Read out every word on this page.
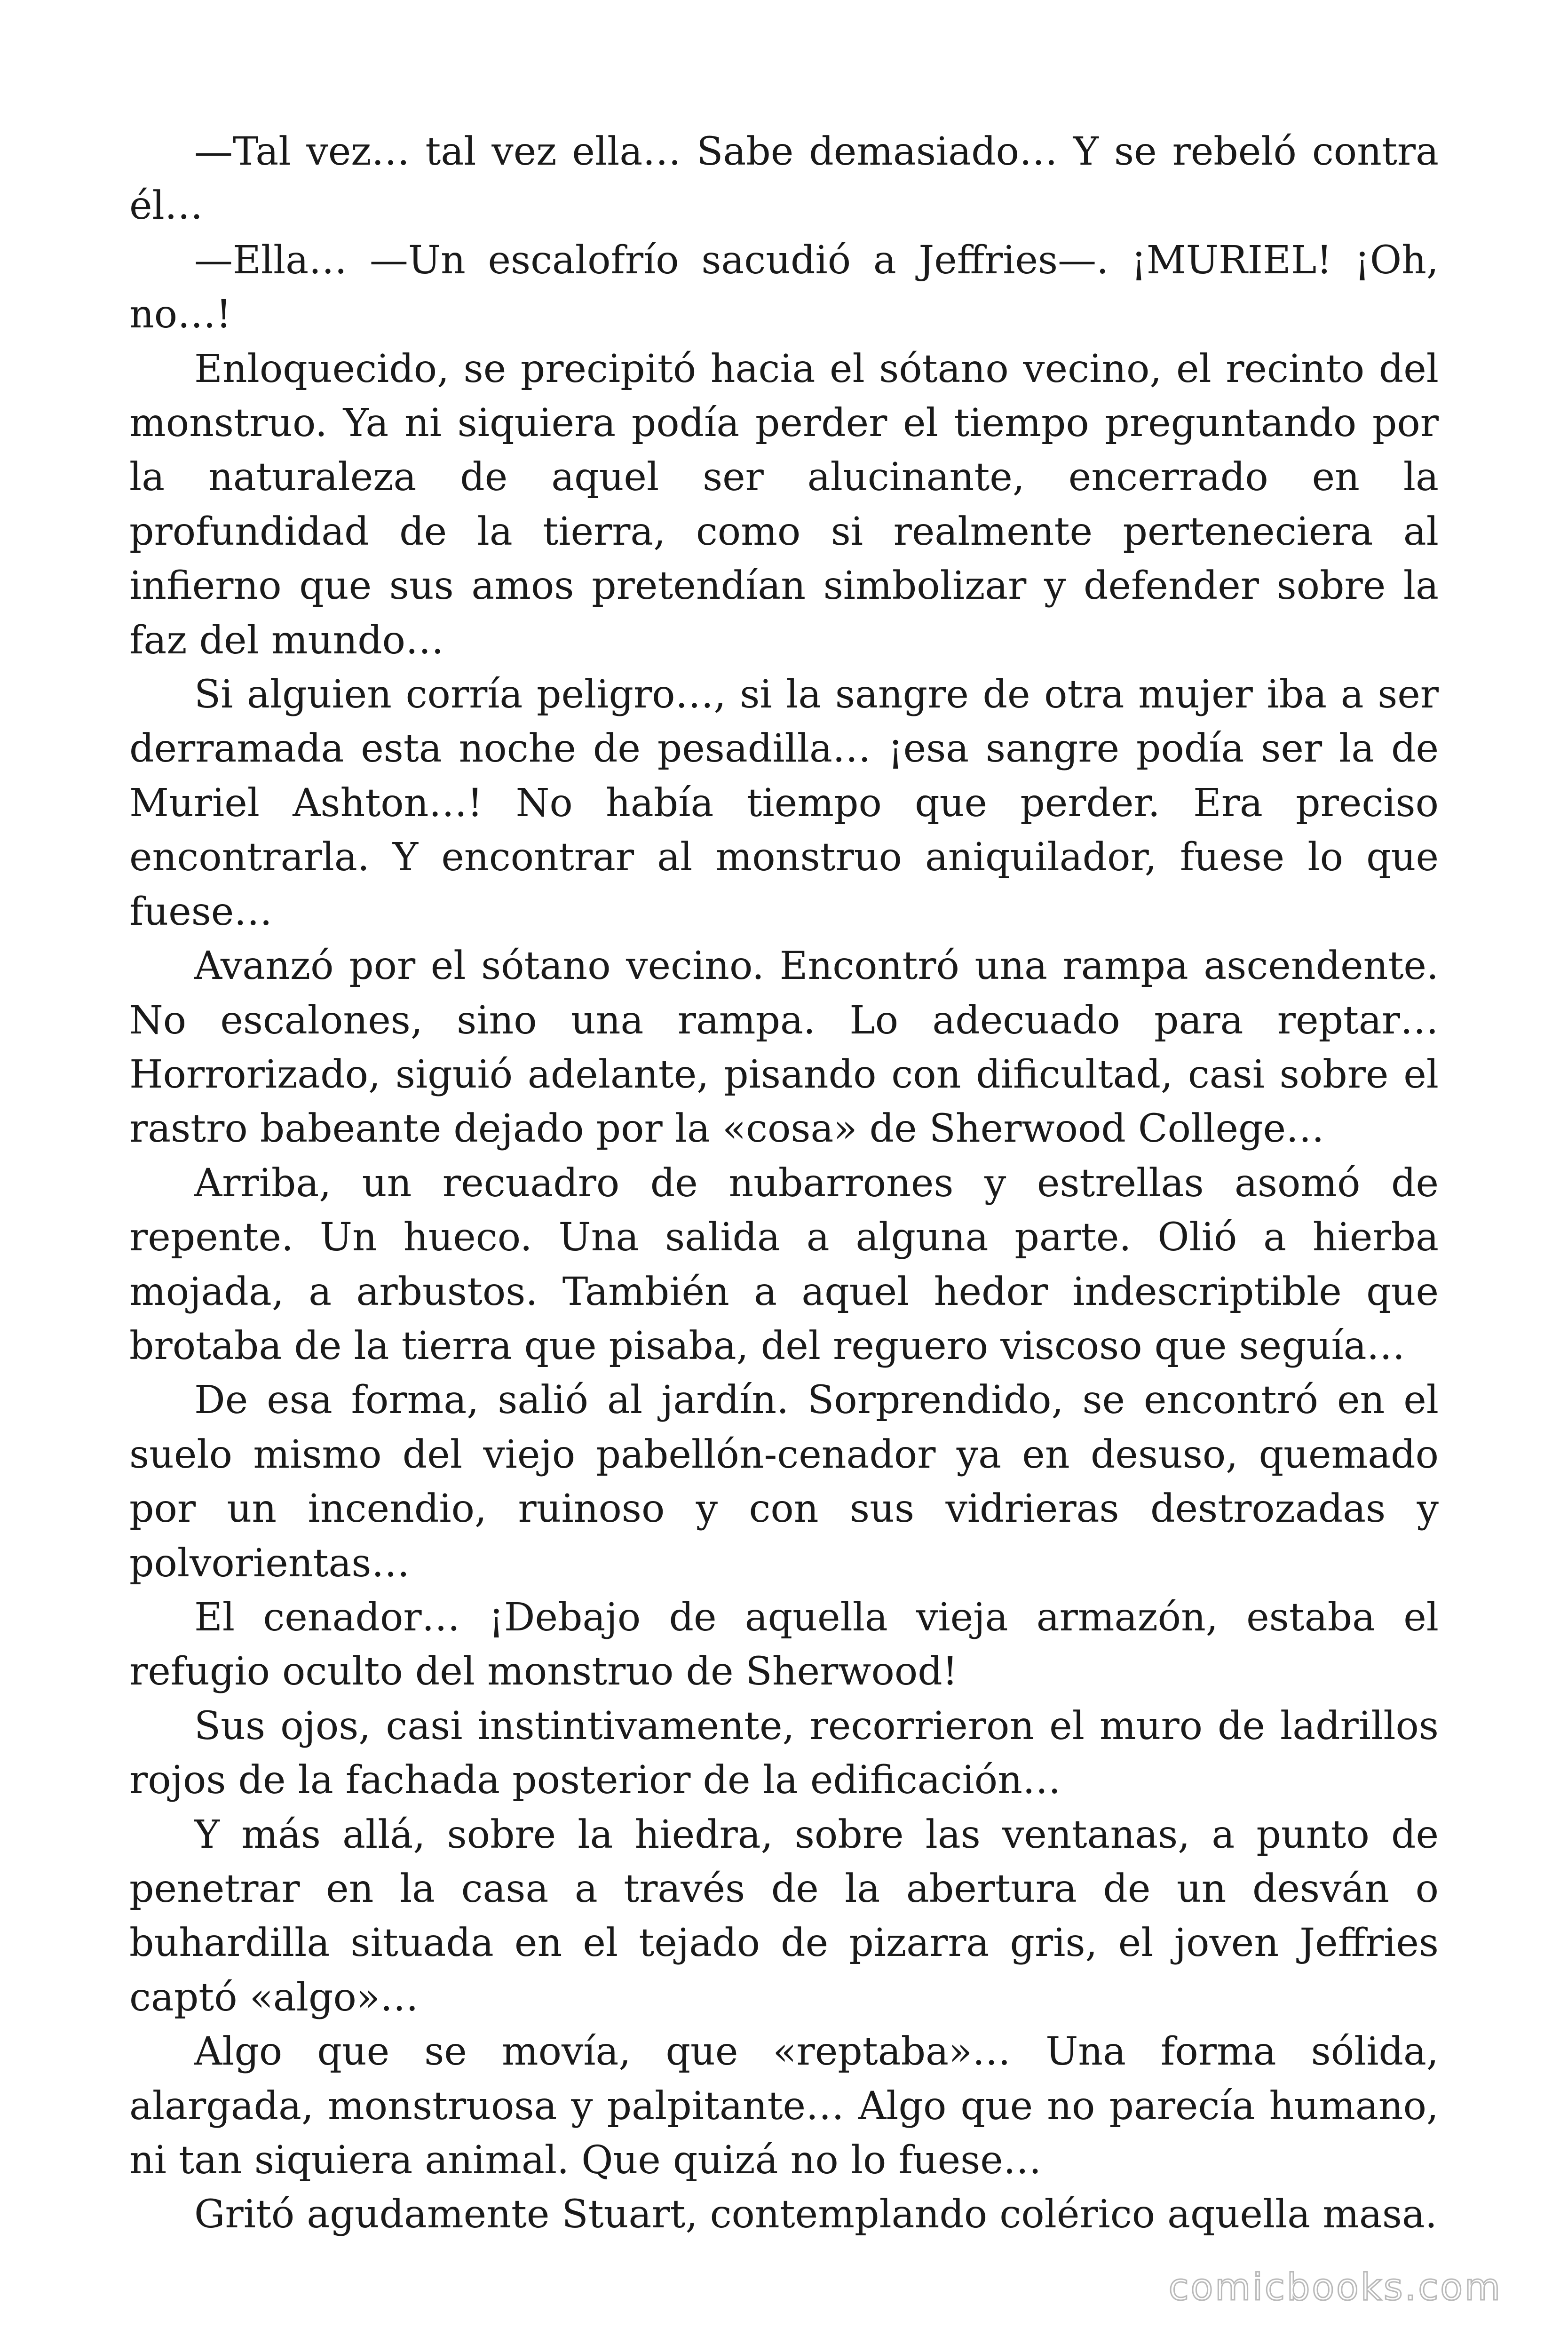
—Tal vez… tal vez ella… Sabe demasiado… Y se rebeló contra él…

—Ella… —Un escalofrío sacudió a Jeffries—. ¡MURIEL! ¡Oh, no…!

Enloquecido, se precipitó hacia el sótano vecino, el recinto del monstruo. Ya ni siquiera podía perder el tiempo preguntando por la naturaleza de aquel ser alucinante, encerrado en la profundidad de la tierra, como si realmente perteneciera al infierno que sus amos pretendían simbolizar y defender sobre la faz del mundo…

Si alguien corría peligro…, si la sangre de otra mujer iba a ser derramada esta noche de pesadilla… ¡esa sangre podía ser la de Muriel Ashton…! No había tiempo que perder. Era preciso encontrarla. Y encontrar al monstruo aniquilador, fuese lo que fuese…

Avanzó por el sótano vecino. Encontró una rampa ascendente. No escalones, sino una rampa. Lo adecuado para reptar… Horrorizado, siguió adelante, pisando con dificultad, casi sobre el rastro babeante dejado por la «cosa» de Sherwood College…

Arriba, un recuadro de nubarrones y estrellas asomó de repente. Un hueco. Una salida a alguna parte. Olió a hierba mojada, a arbustos. También a aquel hedor indescriptible que brotaba de la tierra que pisaba, del reguero viscoso que seguía…

De esa forma, salió al jardín. Sorprendido, se encontró en el suelo mismo del viejo pabellón-cenador ya en desuso, quemado por un incendio, ruinoso y con sus vidrieras destrozadas y polvorientas…

El cenador… ¡Debajo de aquella vieja armazón, estaba el refugio oculto del monstruo de Sherwood!

Sus ojos, casi instintivamente, recorrieron el muro de ladrillos rojos de la fachada posterior de la edificación…

Y más allá, sobre la hiedra, sobre las ventanas, a punto de penetrar en la casa a través de la abertura de un desván o buhardilla situada en el tejado de pizarra gris, el joven Jeffries captó «algo»…

Algo que se movía, que «reptaba»… Una forma sólida, alargada, monstruosa y palpitante… Algo que no parecía humano, ni tan siquiera animal. Que quizá no lo fuese…

Gritó agudamente Stuart, contemplando colérico aquella masa.

comicbooks.com
